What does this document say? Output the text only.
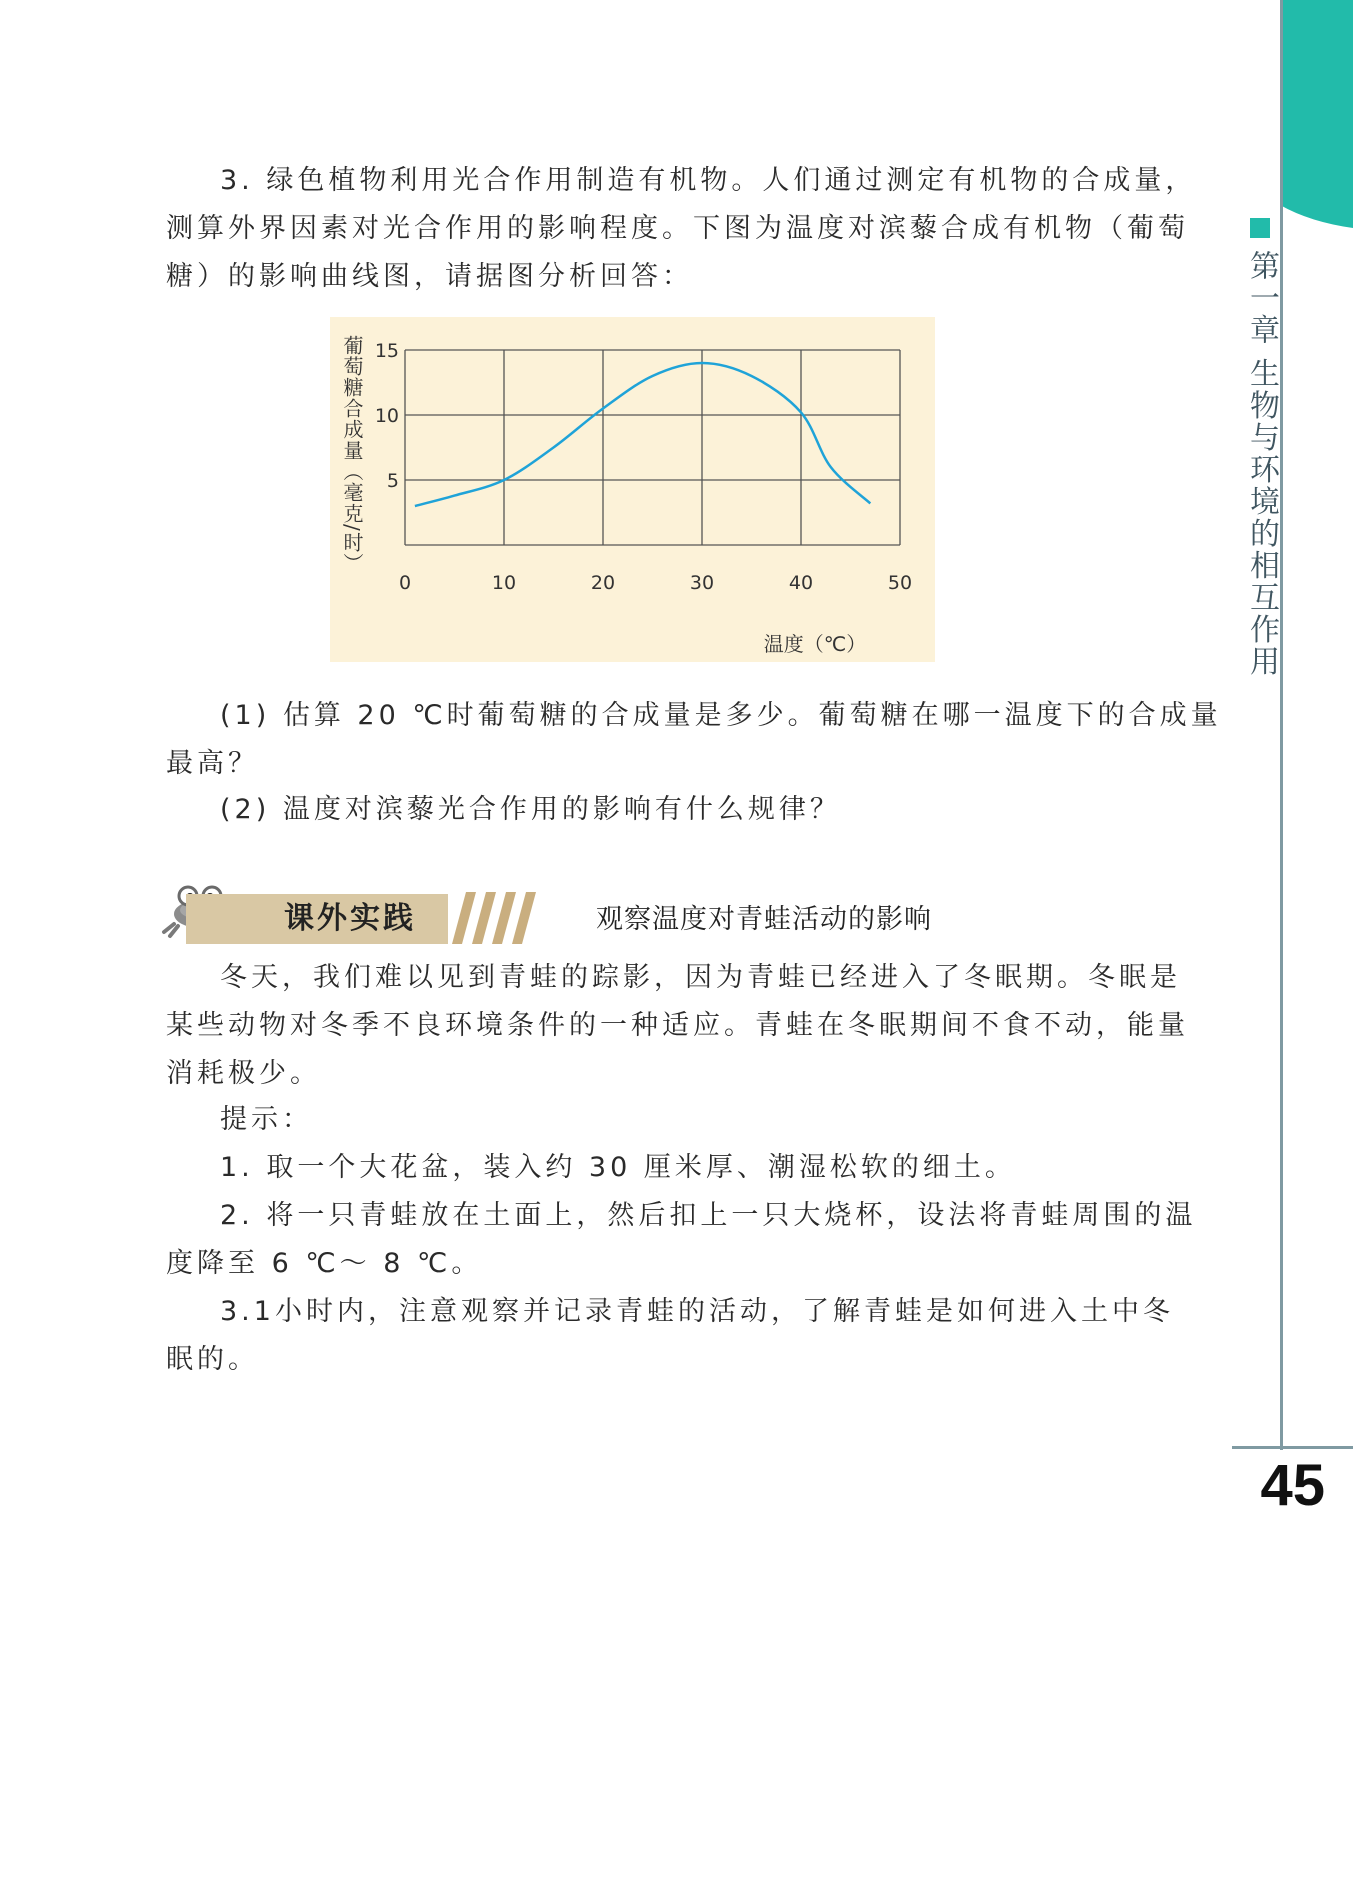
第一章 生物与环境的相互作用
45
3. 绿色植物利用光合作用制造有机物。人们通过测定有机物的合成量，
测算外界因素对光合作用的影响程度。下图为温度对滨藜合成有机物（葡萄
糖）的影响曲线图，请据图分析回答：
0	10	20	30	40	50
5
10
15
温度（℃）
葡萄糖合成量（毫克/时）
(1) 估算 20 ℃时葡萄糖的合成量是多少。葡萄糖在哪一温度下的合成量
最高？
(2) 温度对滨藜光合作用的影响有什么规律？
课外实践	观察温度对青蛙活动的影响
冬天，我们难以见到青蛙的踪影，因为青蛙已经进入了冬眠期。冬眠是
某些动物对冬季不良环境条件的一种适应。青蛙在冬眠期间不食不动，能量
消耗极少。
提示：
1. 取一个大花盆，装入约 30 厘米厚、潮湿松软的细土。
2. 将一只青蛙放在土面上，然后扣上一只大烧杯，设法将青蛙周围的温
度降至 6 ℃～ 8 ℃。
3.1小时内，注意观察并记录青蛙的活动，了解青蛙是如何进入土中冬
眠的。
